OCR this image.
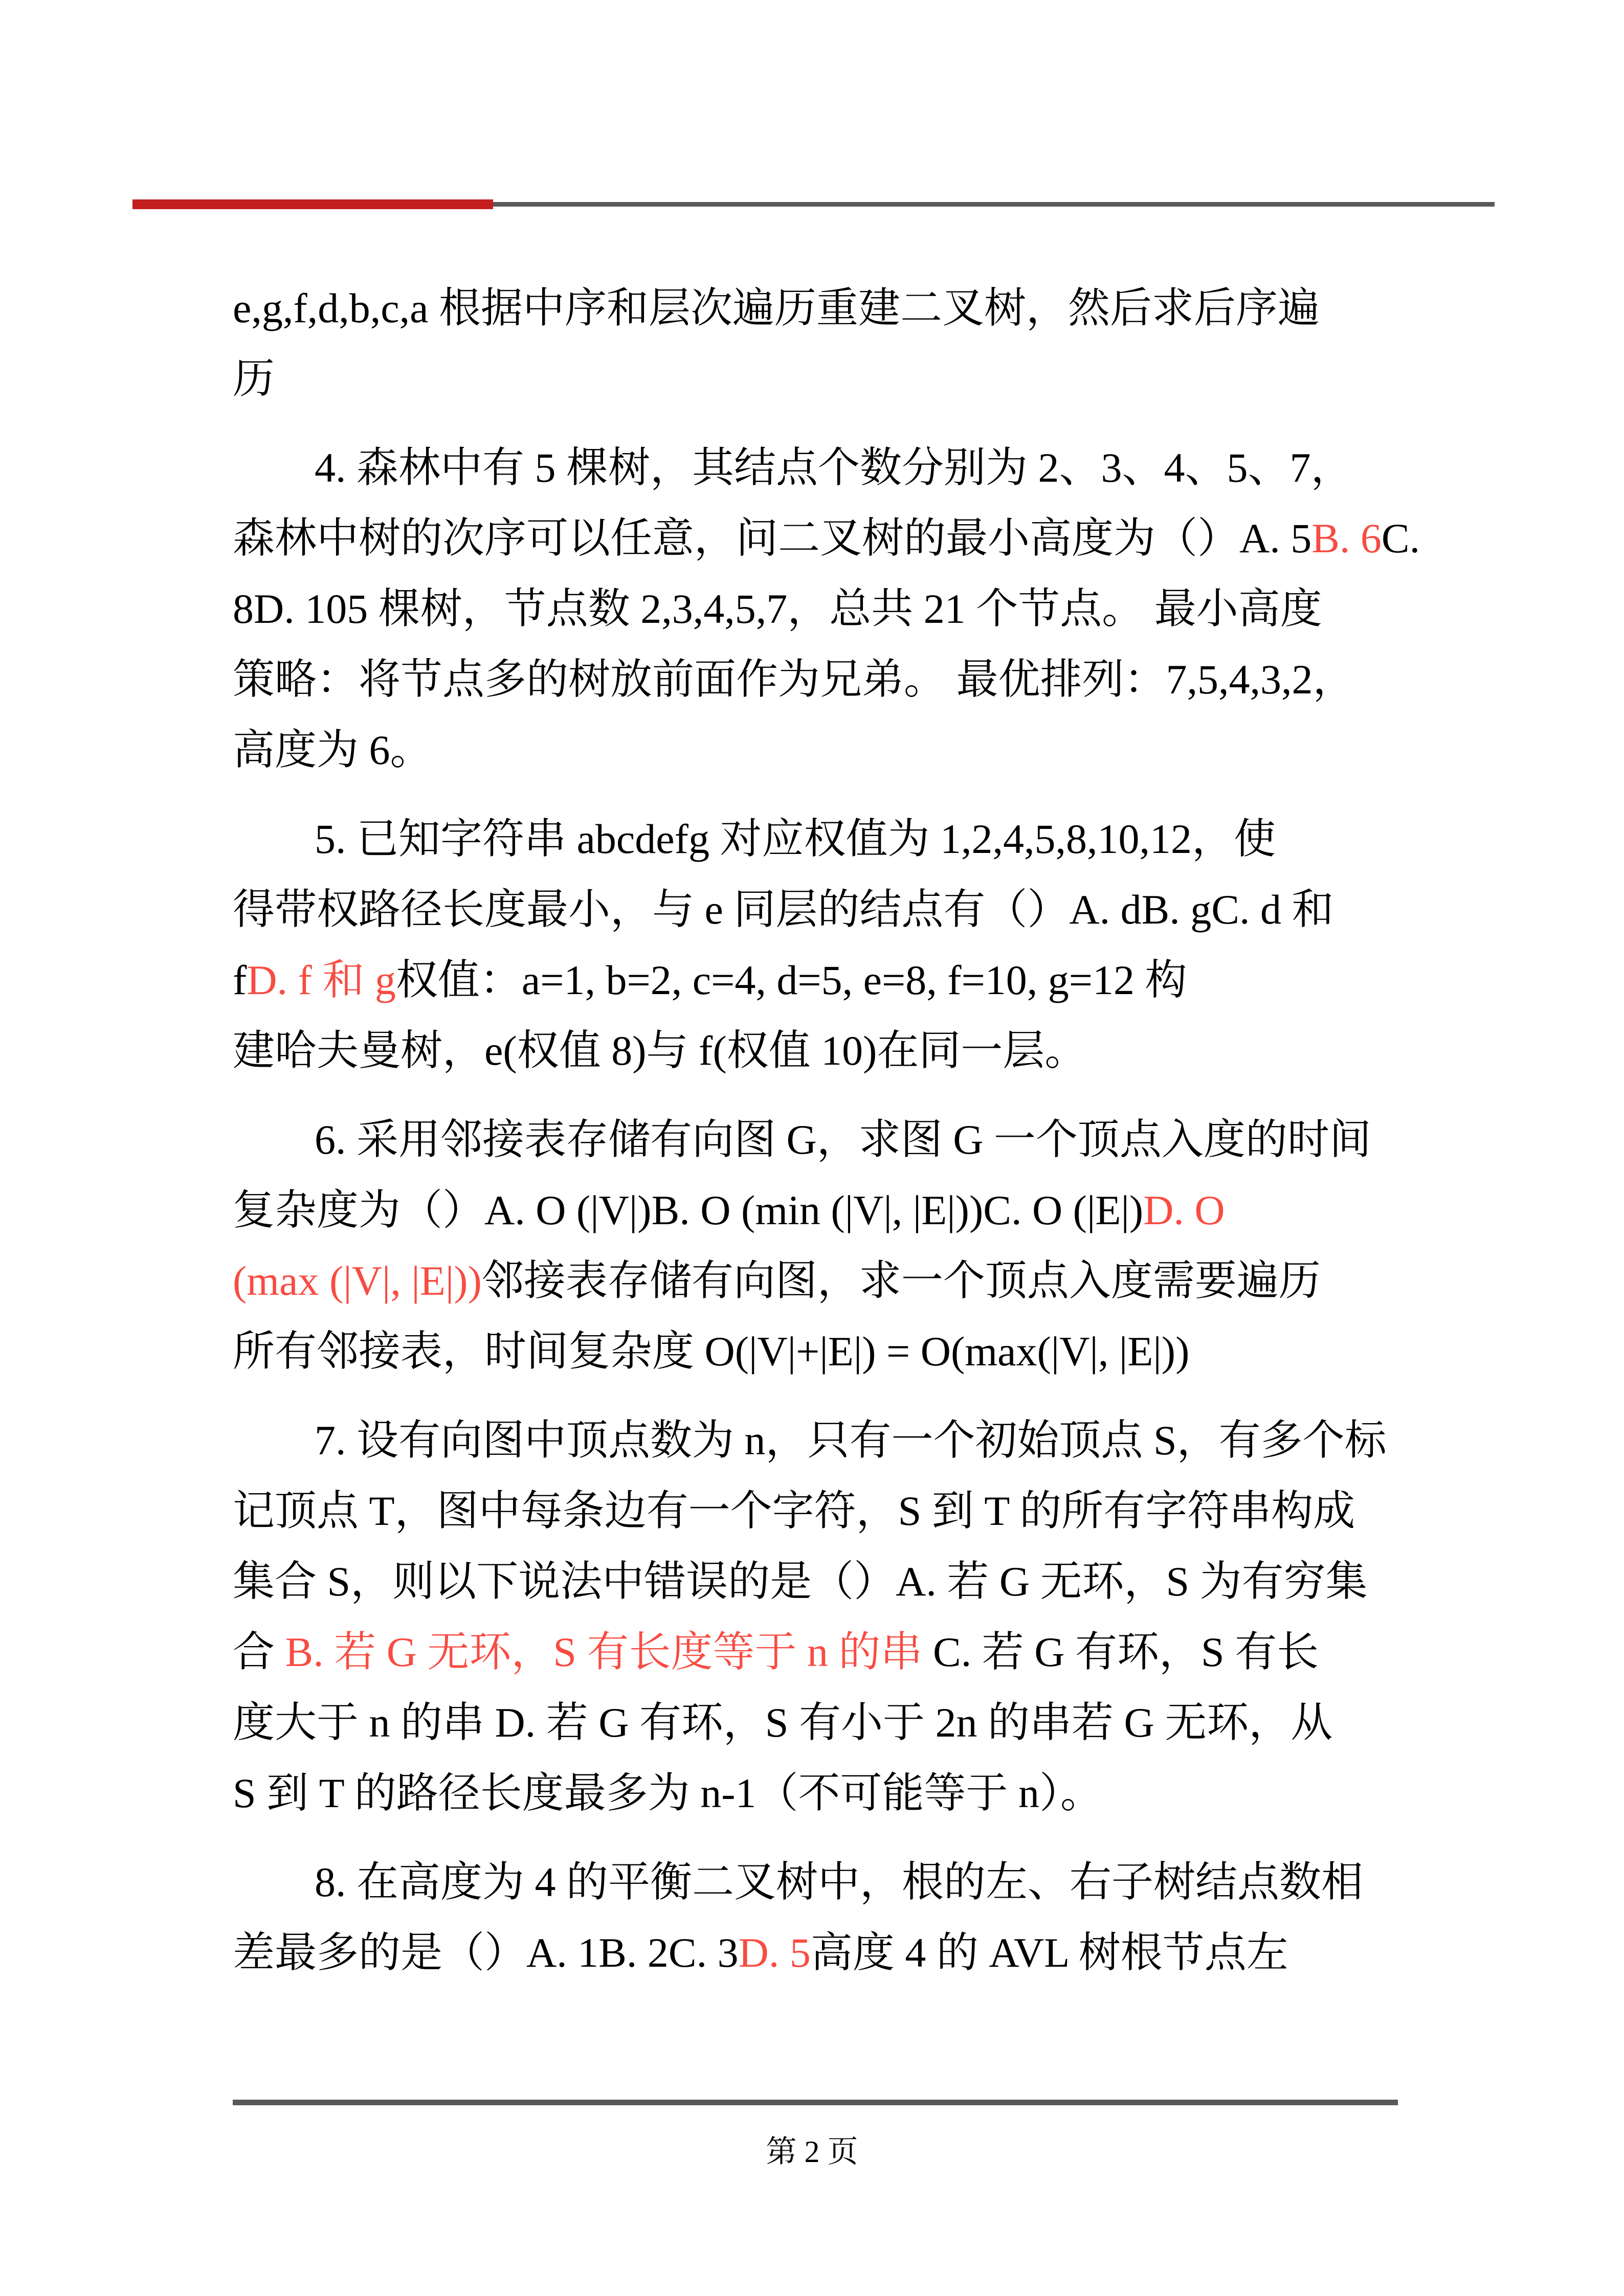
e,g,f,d,b,c,a 根据中序和层次遍历重建二叉树，然后求后序遍
历
4. 森林中有 5 棵树，其结点个数分别为 2、3、4、5、7，
森林中树的次序可以任意，问二叉树的最小高度为（）A. 5B. 6C.
8D. 105 棵树，节点数 2,3,4,5,7，总共 21 个节点。 最小高度
策略：将节点多的树放前面作为兄弟。 最优排列：7,5,4,3,2，
高度为 6。
5. 已知字符串 abcdefg 对应权值为 1,2,4,5,8,10,12，使
得带权路径长度最小，与 e 同层的结点有（）A. dB. gC. d 和
fD. f 和 g权值：a=1, b=2, c=4, d=5, e=8, f=10, g=12 构
建哈夫曼树，e(权值 8)与 f(权值 10)在同一层。
6. 采用邻接表存储有向图 G，求图 G 一个顶点入度的时间
复杂度为（）A. O (|V|)B. O (min (|V|, |E|))C. O (|E|)D. O
(max (|V|, |E|))邻接表存储有向图，求一个顶点入度需要遍历
所有邻接表，时间复杂度 O(|V|+|E|) = O(max(|V|, |E|))
7. 设有向图中顶点数为 n，只有一个初始顶点 S，有多个标
记顶点 T，图中每条边有一个字符，S 到 T 的所有字符串构成
集合 S，则以下说法中错误的是（）A. 若 G 无环，S 为有穷集
合 B. 若 G 无环，S 有长度等于 n 的串 C. 若 G 有环，S 有长
度大于 n 的串 D. 若 G 有环，S 有小于 2n 的串若 G 无环，从
S 到 T 的路径长度最多为 n-1（不可能等于 n）。
8. 在高度为 4 的平衡二叉树中，根的左、右子树结点数相
差最多的是（）A. 1B. 2C. 3D. 5高度 4 的 AVL 树根节点左
第 2 页
